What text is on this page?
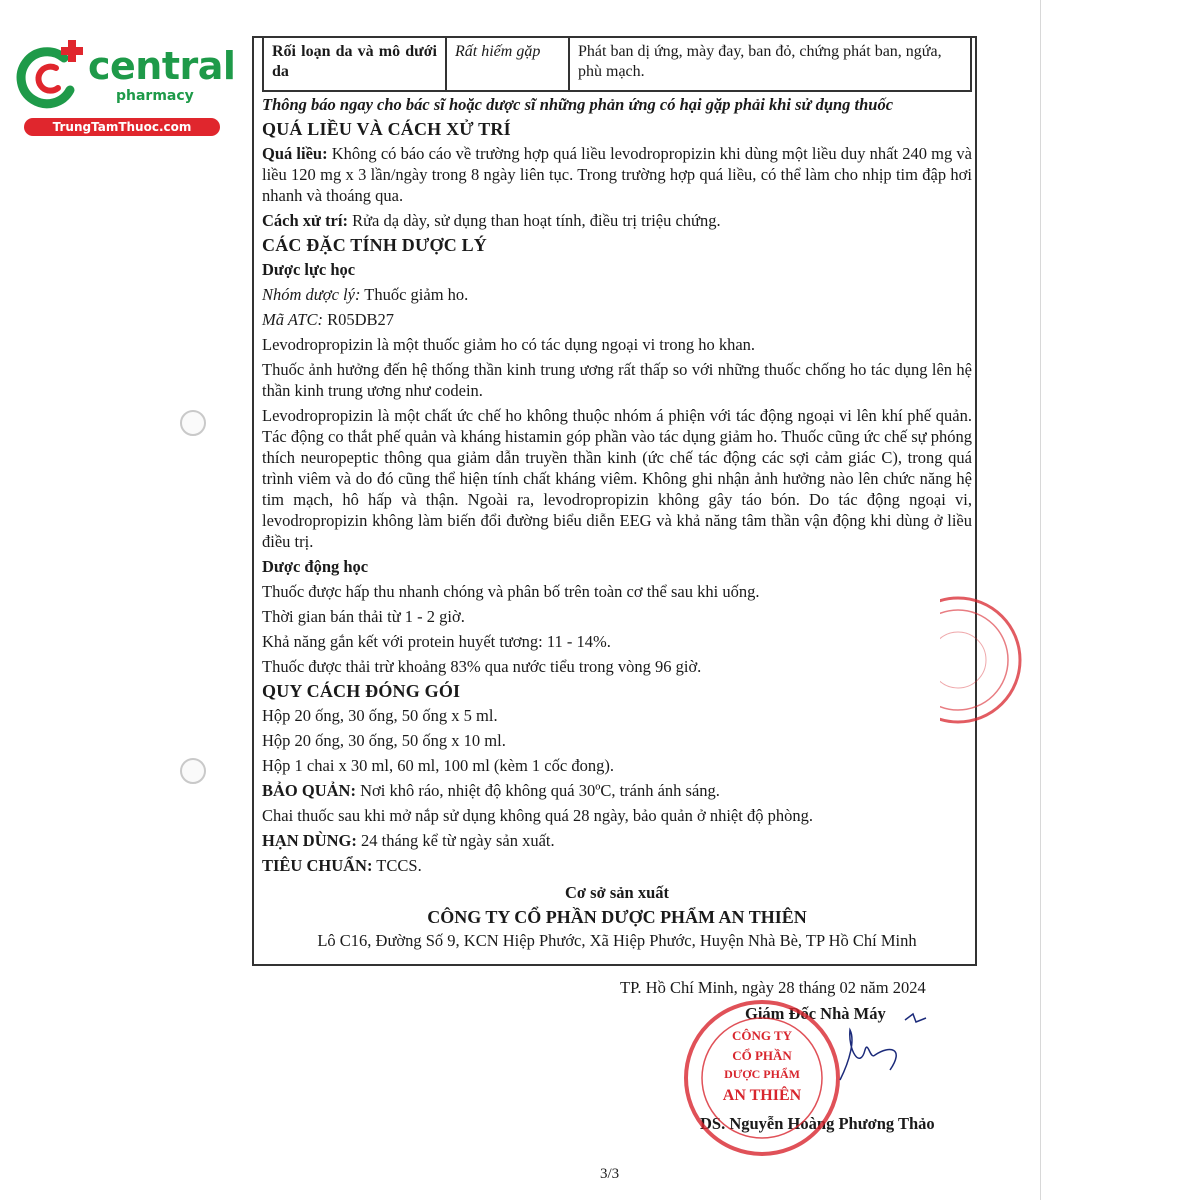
central
pharmacy
TrungTamThuoc.com
Rối loạn da và mô dưới da	Rất hiếm gặp	Phát ban dị ứng, mày đay, ban đỏ, chứng phát ban, ngứa, phù mạch.

Thông báo ngay cho bác sĩ hoặc dược sĩ những phản ứng có hại gặp phải khi sử dụng thuốc

QUÁ LIỀU VÀ CÁCH XỬ TRÍ

Quá liều: Không có báo cáo về trường hợp quá liều levodropropizin khi dùng một liều duy nhất 240 mg và liều 120 mg x 3 lần/ngày trong 8 ngày liên tục. Trong trường hợp quá liều, có thể làm cho nhịp tim đập hơi nhanh và thoáng qua.

Cách xử trí: Rửa dạ dày, sử dụng than hoạt tính, điều trị triệu chứng.

CÁC ĐẶC TÍNH DƯỢC LÝ
Dược lực học

Nhóm dược lý: Thuốc giảm ho.

Mã ATC: R05DB27

Levodropropizin là một thuốc giảm ho có tác dụng ngoại vi trong ho khan.

Thuốc ảnh hưởng đến hệ thống thần kinh trung ương rất thấp so với những thuốc chống ho tác dụng lên hệ thần kinh trung ương như codein.

Levodropropizin là một chất ức chế ho không thuộc nhóm á phiện với tác động ngoại vi lên khí phế quản. Tác động co thắt phế quản và kháng histamin góp phần vào tác dụng giảm ho. Thuốc cũng ức chế sự phóng thích neuropeptic thông qua giảm dẫn truyền thần kinh (ức chế tác động các sợi cảm giác C), trong quá trình viêm và do đó cũng thể hiện tính chất kháng viêm. Không ghi nhận ảnh hưởng nào lên chức năng hệ tim mạch, hô hấp và thận. Ngoài ra, levodropropizin không gây táo bón. Do tác động ngoại vi, levodropropizin không làm biến đổi đường biểu diễn EEG và khả năng tâm thần vận động khi dùng ở liều điều trị.

Dược động học

Thuốc được hấp thu nhanh chóng và phân bố trên toàn cơ thể sau khi uống.

Thời gian bán thải từ 1 - 2 giờ.

Khả năng gắn kết với protein huyết tương: 11 - 14%.

Thuốc được thải trừ khoảng 83% qua nước tiểu trong vòng 96 giờ.

QUY CÁCH ĐÓNG GÓI

Hộp 20 ống, 30 ống, 50 ống x 5 ml.

Hộp 20 ống, 30 ống, 50 ống x 10 ml.

Hộp 1 chai x 30 ml, 60 ml, 100 ml (kèm 1 cốc đong).

BẢO QUẢN: Nơi khô ráo, nhiệt độ không quá 30ºC, tránh ánh sáng.

Chai thuốc sau khi mở nắp sử dụng không quá 28 ngày, bảo quản ở nhiệt độ phòng.

HẠN DÙNG: 24 tháng kể từ ngày sản xuất.

TIÊU CHUẨN: TCCS.

Cơ sở sản xuất

CÔNG TY CỔ PHẦN DƯỢC PHẨM AN THIÊN

Lô C16, Đường Số 9, KCN Hiệp Phước, Xã Hiệp Phước, Huyện Nhà Bè, TP Hồ Chí Minh

TP. Hồ Chí Minh, ngày 28 tháng 02 năm 2024
Giám Đốc Nhà Máy
DS. Nguyễn Hoàng Phương Thảo
CÔNG TY
CỔ PHẦN
DƯỢC PHẨM
AN THIÊN
3/3
